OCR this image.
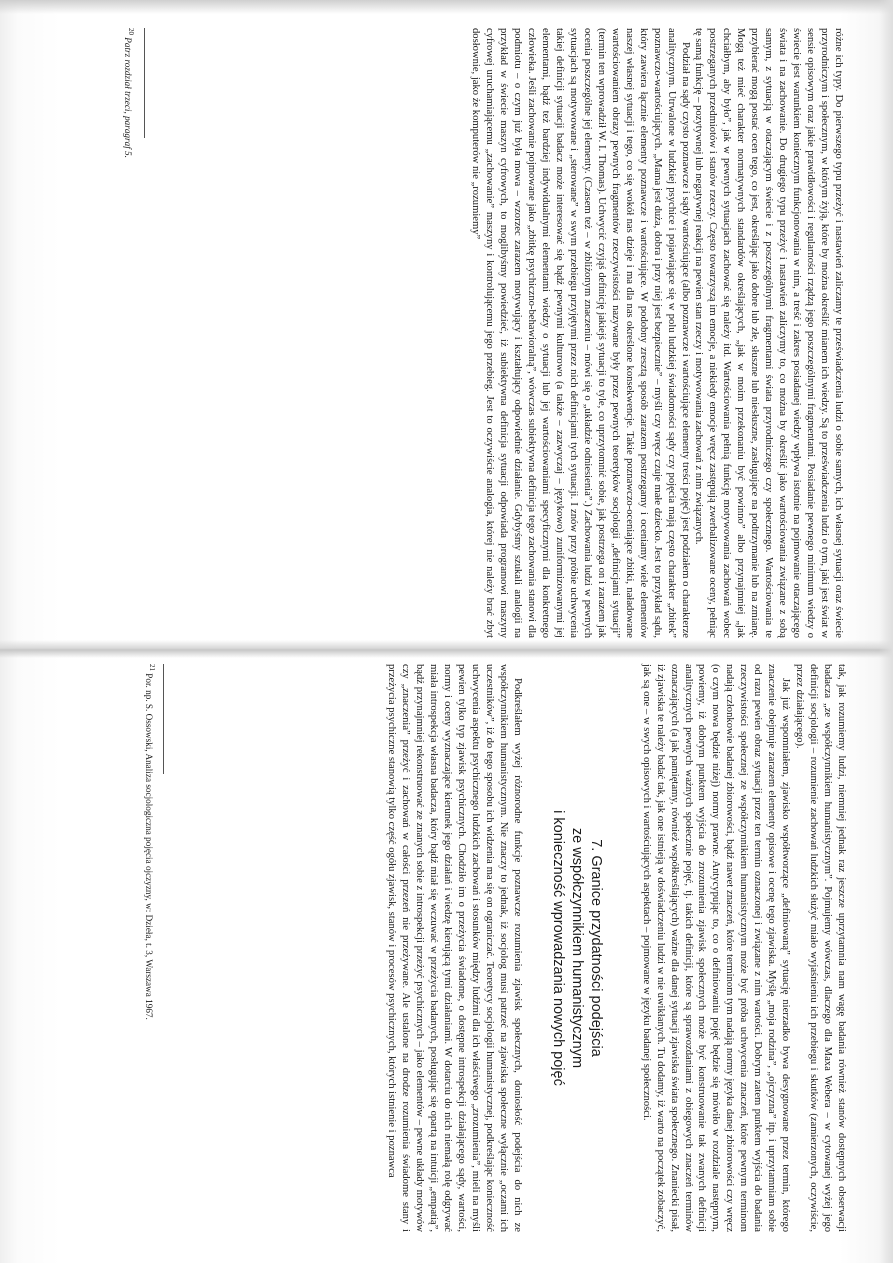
różne ich typy. Do pierwszego typu przeżyć i nastawień zaliczamy te przeświadczenia ludzi o sobie samych, ich własnej sytuacji oraz świecie przyrodniczym i społecznym, w którym żyją, które by można określić mianem ich wiedzy. Są to przeświadczenia ludzi o tym, jaki jest świat w sensie opisowym oraz jakie prawidłowości i regularności rządzą jego poszczególnymi fragmentami. Posiadanie pewnego minimum wiedzy o świecie jest warunkiem koniecznym funkcjonowania w nim, a treść i zakres posiadanej wiedzy wpływa istotnie na pojmowanie otaczającego świata i na zachowanie. Do drugiego typu przeżyć i nastawień zaliczymy to, co można by określić jako wartościowania związane z sobą samym, z sytuacją w otaczającym świecie i z poszczególnymi fragmentami świata przyrodniczego czy społecznego. Wartościowania te przybierać mogą postać ocen tego, co jest, określając jako dobre lub złe, słuszne lub niesłuszne, zasługujące na podtrzymanie lub na zmianę. Mogą też mieć charakter normatywnych standardów określających, „jak w moim przekonaniu być powinno” albo przynajmniej „jak chciałbym, aby było”, jak w pewnych sytuacjach zachować się należy itd. Wartościowania pełnią funkcję motywowania zachowań wobec postrzeganych przedmiotów i stanów rzeczy. Często towarzyszą im emocje, a niekiedy emocje wręcz zastępują zwerbalizowane oceny, pełniąc tę samą funkcję – pozytywnej lub negatywnej reakcji na pewien stan rzeczy i motywowania zachowań z nim związanych.

Podział na sądy czysto poznawcze i sądy wartościujące (albo poznawcze i wartościujące elementy treści pojęć) jest podziałem o charakterze analitycznym. Utrwalone w ludzkiej psychice i pojawiające się w polu ludzkiej świadomości sądy czy pojęcia mają często charakter „zbitek” poznawczo-wartościujących. „Mama jest duża, dobra i przy niej jest bezpiecznie” – myśli czy wręcz czuje małe dziecko. Jest to przykład sądu, który zawiera łącznie elementy poznawcze i wartościujące. W podobny zresztą sposób zarazem postrzegamy i oceniamy wiele elementów naszej własnej sytuacji i tego, co się wokół nas dzieje i ma dla nas określone konsekwencje. Takie poznawczo-oceniające zbitki, naładowane wartościowaniem obrazy pewnych fragmentów rzeczywistości nazywane były przez pewnych teoretyków socjologii „definicjami sytuacji” (termin ten wprowadził W. I. Thomas). Uchwycić czyjąś definicję jakiejś sytuacji to tyle, co uprzytomnić sobie, jak postrzega on i zarazem jak ocenia poszczególne jej elementy. (Czasem też – w zbliżonym znaczeniu – mówi się o „układzie odniesienia”.) Zachowania ludzi w pewnych sytuacjach są motywowane i „sterowane” w swym przebiegu przyjętymi przez nich definicjami tych sytuacji. I znów przy próbie uchwycenia takiej definicji sytuacji badacz może interesować się bądź pewnymi kulturowo (a także – zazwyczaj – językowo) zuniformizowanymi jej elementami, bądź też bardziej indywidualnymi elementami wiedzy o sytuacji lub jej wartościowaniami specyficznymi dla konkretnego człowieka. Jeśli zachowanie pojmowane jako „zbitkę psychiczno-behawioralną”, wówczas subiektywna definicja tego zachowania stanowi dla podmiotu – o czym już była mowa – wzorzec zarazem motywujący i kształtujący odpowiednie działanie. Gdybyśmy szukali analogii na przykład w świecie maszyn cyfrowych, to moglibyśmy powiedzieć, iż subiektywna definicja sytuacji odpowiada programowi maszyny cyfrowej uruchamiającemu „zachowanie” maszyny i kontrolującemu jego przebieg. Jest to oczywiście analogia, której nie należy brać zbyt dosłownie, jako że komputerów nie „rozumiemy”

$^{20}$ Patrz rozdział trzeci, paragraf 5.

tak, jak rozumiemy ludzi, niemniej jednak raz jeszcze uprzytamnia nam wagę badania również stanów dostępnych obserwacji badacza „ze współczynnikiem humanistycznym”. Pojmujemy wówczas, dlaczego dla Maxa Webera – w cytowanej wyżej jego definicji socjologii – rozumienie zachowań ludzkich służyć miało wyjaśnieniu ich przebiegu i skutków (zamierzonych, oczywiście, przez działającego).

Jak już wspomniałem, zjawisko współtworzące „definiowaną” sytuację nierzadko bywa desygnowane przez termin, którego znaczenie obejmuje zarazem elementy opisowe i ocenę tego zjawiska. Myślę „moja rodzina”, „ojczyzna” itp. i uprzytamniam sobie od razu pewien obraz sytuacji przez ten termin oznaczonej i związane z nim wartości. Dobrym zatem punktem wyjścia do badania rzeczywistości społecznej ze współczynnikiem humanistycznym może być próba uchwycenia znaczeń, które pewnym terminom nadają członkowie badanej zbiorowości, bądź nawet znaczeń, które terminom tym nadają normy języka danej zbiorowości czy wręcz (o czym nowa będzie niżej) normy prawne. Antycypując to, co o definiowaniu pojęć będzie się mówiło w rozdziale następnym, powiemy, iż dobrym punktem wyjścia do zrozumienia zjawisk społecznych może być konstruowanie tak zwanych definicji analitycznych pewnych ważnych społecznie pojęć, tj. takich definicji, które są sprawozdaniami z obiegowych znaczeń terminów oznaczających (a jak pamiętamy, również współkreślających) ważne dla danej sytuacji zjawiska świata społecznego. Znaniecki pisał, iż zjawiska te należy badać tak, jak one istnieją w doświadczeniu ludzi w nie uwikłanych. Tu dodamy, iż warto na początek zobaczyć, jak są one – w swych opisowych i wartościujących aspektach – pojmowane w języku badanej społeczności.

7. Granice przydatności podejścia
ze współczynnikiem humanistycznym
i konieczność wprowadzania nowych pojęć

Podkreślałem wyżej różnorodne funkcje poznawcze rozumienia zjawisk społecznych, doniosłość podejścia do nich ze współczynnikiem humanistycznym. Nie znaczy to jednak, iż socjolog musi patrzeć na zjawiska społeczne wyłącznie „oczami ich uczestników”, iż do tego sposobu ich widzenia ma się on ograniczać. Teoretycy socjologii humanistycznej, podkreślając konieczność uchwycenia aspektu psychicznego ludzkich zachowań i stosunków między ludźmi dla ich właściwego „zrozumienia”, mieli na myśli pewien tylko typ zjawisk psychicznych. Chodziło im o przeżycia świadome, o dostępne introspekcji działającego sądy, wartości, normy i oceny wyznaczające kierunek jego działań i wiedzę kierującą tymi działaniami. W dotarciu do nich niemałą rolę odgrywać miała introspekcja własna badacza, który bądź miał się wczuwać w przeżycia badanych, posługując się opartą na intuicji „empatią”, bądź przynajmniej rekonstruować ze znanych sobie z introspekcji przeżyć psychicznych – jako elementów – pewne układy motywów czy „znaczenia” przeżyć i zachowań w całości przezeń nie przeżywane. Ale ustalone na drodze rozumienia świadome stany i przeżycia psychiczne stanowią tylko część ogółu zjawisk, stanów i procesów psychicznych, których istnienie i poznawca

$^{21}$ Por. np. S. Ossowski, Analiza socjologiczna pojęcia ojczyzny, w: Dzieła, t. 3, Warszawa 1967.
